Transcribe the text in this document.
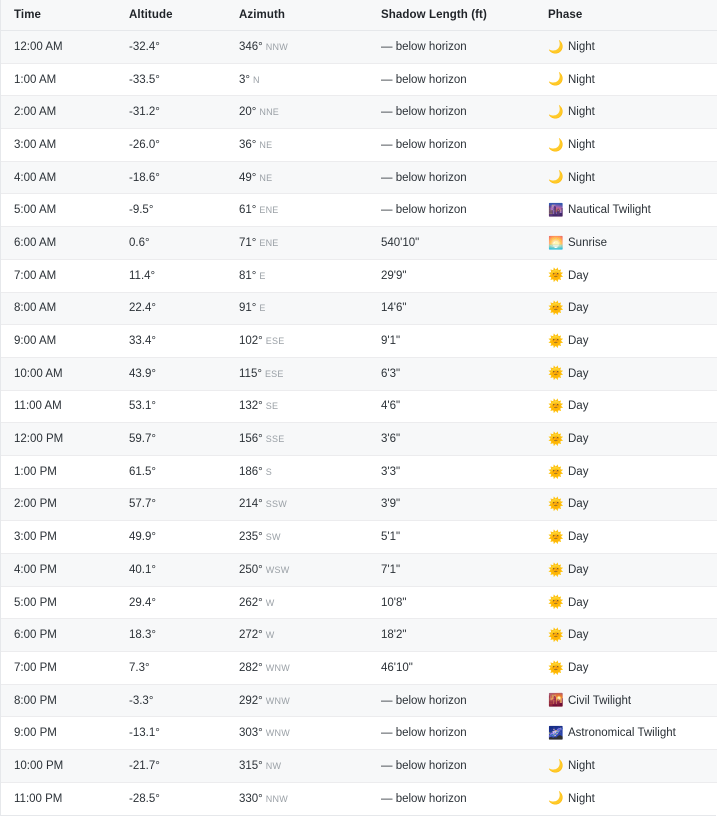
Time	Altitude	Azimuth	Shadow Length (ft)	Phase
12:00 AM	-32.4°	346° NNW	— below horizon	🌙 Night

1:00 AM	-33.5°	3° N	— below horizon	🌙 Night

2:00 AM	-31.2°	20° NNE	— below horizon	🌙 Night

3:00 AM	-26.0°	36° NE	— below horizon	🌙 Night

4:00 AM	-18.6°	49° NE	— below horizon	🌙 Night

5:00 AM	-9.5°	61° ENE	— below horizon	🌆 Nautical Twilight

6:00 AM	0.6°	71° ENE	540'10"	🌅 Sunrise

7:00 AM	11.4°	81° E	29'9"	🌞 Day

8:00 AM	22.4°	91° E	14'6"	🌞 Day

9:00 AM	33.4°	102° ESE	9'1"	🌞 Day

10:00 AM	43.9°	115° ESE	6'3"	🌞 Day

11:00 AM	53.1°	132° SE	4'6"	🌞 Day

12:00 PM	59.7°	156° SSE	3'6"	🌞 Day

1:00 PM	61.5°	186° S	3'3"	🌞 Day

2:00 PM	57.7°	214° SSW	3'9"	🌞 Day

3:00 PM	49.9°	235° SW	5'1"	🌞 Day

4:00 PM	40.1°	250° WSW	7'1"	🌞 Day

5:00 PM	29.4°	262° W	10'8"	🌞 Day

6:00 PM	18.3°	272° W	18'2"	🌞 Day

7:00 PM	7.3°	282° WNW	46'10"	🌞 Day

8:00 PM	-3.3°	292° WNW	— below horizon	🌇 Civil Twilight

9:00 PM	-13.1°	303° WNW	— below horizon	🌌 Astronomical Twilight

10:00 PM	-21.7°	315° NW	— below horizon	🌙 Night

11:00 PM	-28.5°	330° NNW	— below horizon	🌙 Night
